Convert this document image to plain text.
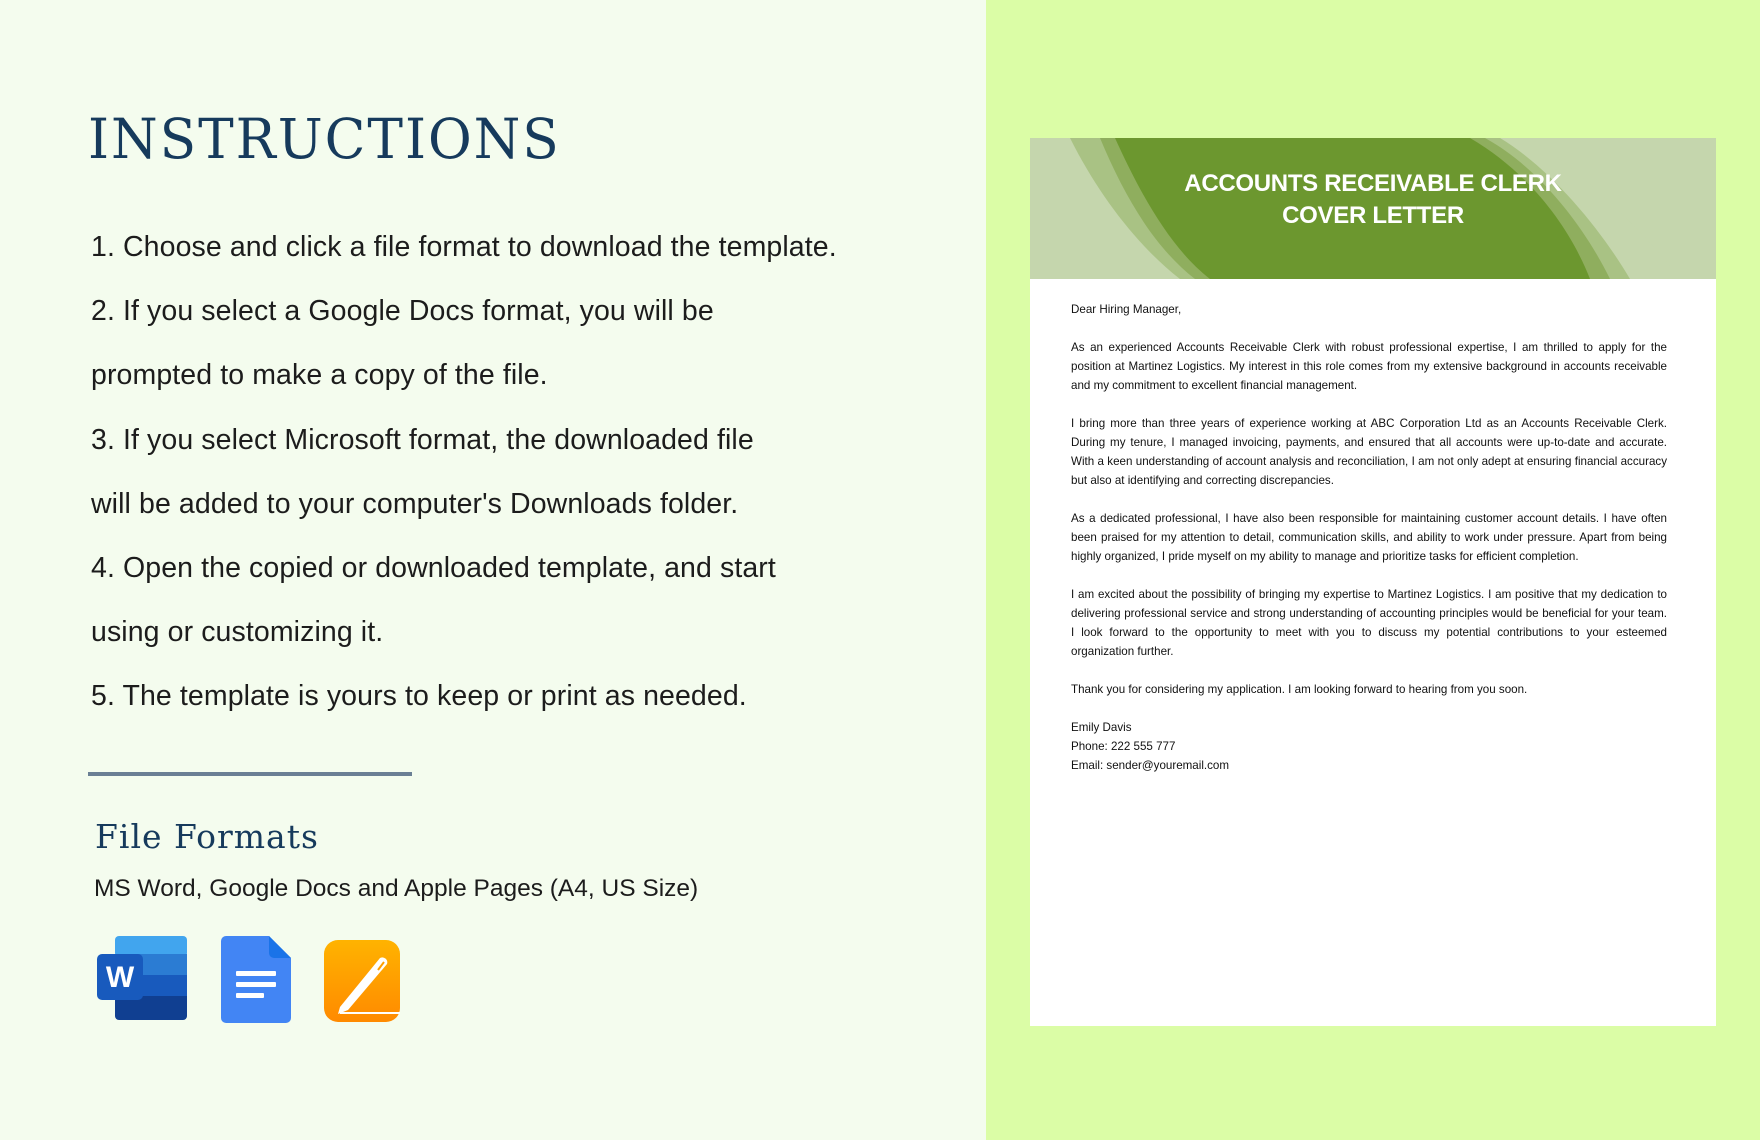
INSTRUCTIONS
1. Choose and click a file format to download the template.
2. If you select a Google Docs format, you will be
prompted to make a copy of the file.
3. If you select Microsoft format, the downloaded file
will be added to your computer's Downloads folder.
4. Open the copied or downloaded template, and start
using or customizing it.
5. The template is yours to keep or print as needed.
File Formats
MS Word, Google Docs and Apple Pages (A4, US Size)
W
ACCOUNTS RECEIVABLE CLERK
COVER LETTER

Dear Hiring Manager,

As an experienced Accounts Receivable Clerk with robust professional expertise, I am thrilled to apply for the position at Martinez Logistics. My interest in this role comes from my extensive background in accounts receivable and my commitment to excellent financial management.

I bring more than three years of experience working at ABC Corporation Ltd as an Accounts Receivable Clerk. During my tenure, I managed invoicing, payments, and ensured that all accounts were up-to-date and accurate. With a keen understanding of account analysis and reconciliation, I am not only adept at ensuring financial accuracy but also at identifying and correcting discrepancies.

As a dedicated professional, I have also been responsible for maintaining customer account details. I have often been praised for my attention to detail, communication skills, and ability to work under pressure. Apart from being highly organized, I pride myself on my ability to manage and prioritize tasks for efficient completion.

I am excited about the possibility of bringing my expertise to Martinez Logistics. I am positive that my dedication to delivering professional service and strong understanding of accounting principles would be beneficial for your team. I look forward to the opportunity to meet with you to discuss my potential contributions to your esteemed organization further.

Thank you for considering my application. I am looking forward to hearing from you soon.

Emily Davis

Phone: 222 555 777

Email: sender@youremail.com
